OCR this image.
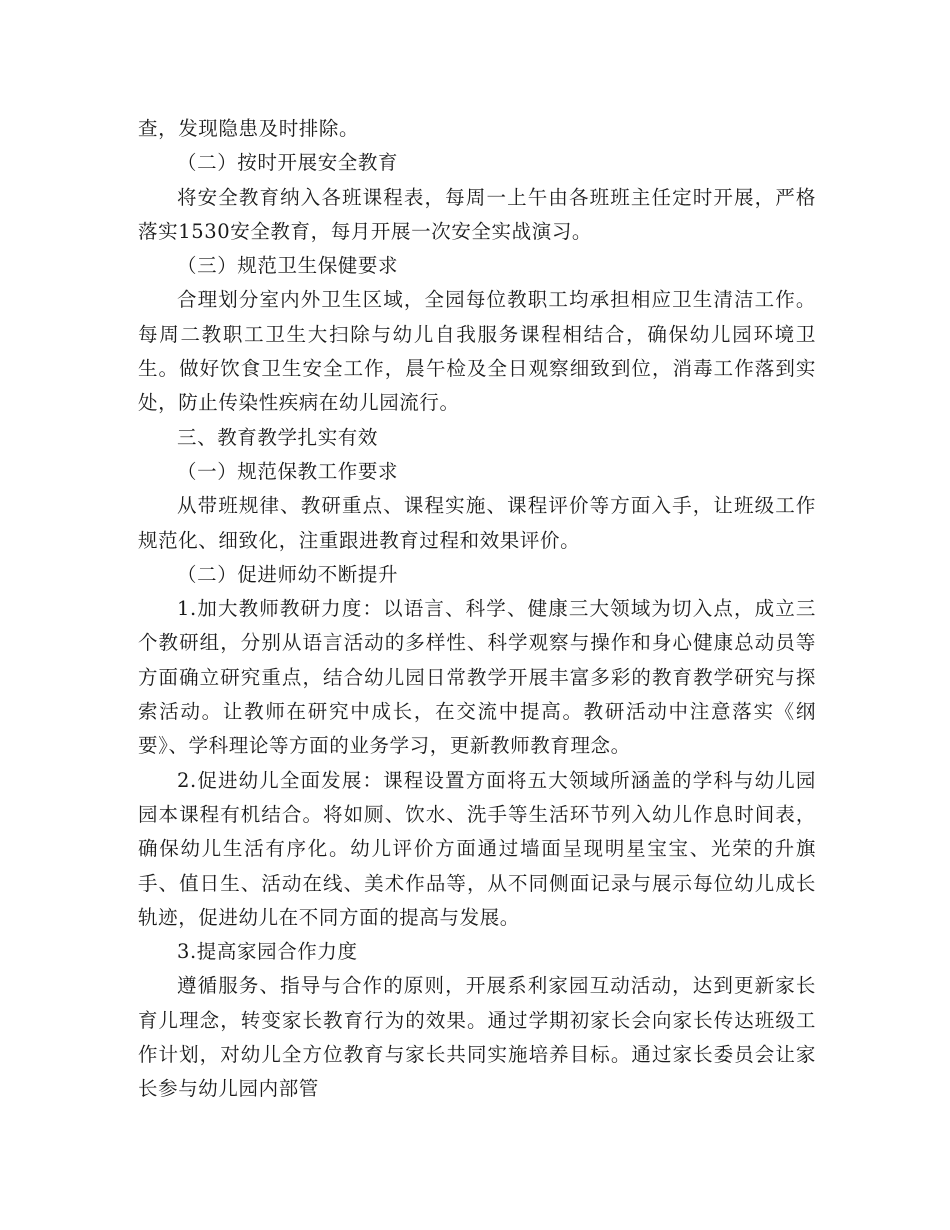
查，发现隐患及时排除。

（二）按时开展安全教育

将安全教育纳入各班课程表，每周一上午由各班班主任定时开展，严格落实1530安全教育，每月开展一次安全实战演习。

（三）规范卫生保健要求

合理划分室内外卫生区域，全园每位教职工均承担相应卫生清洁工作。每周二教职工卫生大扫除与幼儿自我服务课程相结合，确保幼儿园环境卫生。做好饮食卫生安全工作，晨午检及全日观察细致到位，消毒工作落到实处，防止传染性疾病在幼儿园流行。

三、教育教学扎实有效

（一）规范保教工作要求

从带班规律、教研重点、课程实施、课程评价等方面入手，让班级工作规范化、细致化，注重跟进教育过程和效果评价。

（二）促进师幼不断提升

1.加大教师教研力度：以语言、科学、健康三大领域为切入点，成立三个教研组，分别从语言活动的多样性、科学观察与操作和身心健康总动员等方面确立研究重点，结合幼儿园日常教学开展丰富多彩的教育教学研究与探索活动。让教师在研究中成长，在交流中提高。教研活动中注意落实《纲要》、学科理论等方面的业务学习，更新教师教育理念。

2.促进幼儿全面发展：课程设置方面将五大领域所涵盖的学科与幼儿园园本课程有机结合。将如厕、饮水、洗手等生活环节列入幼儿作息时间表，确保幼儿生活有序化。幼儿评价方面通过墙面呈现明星宝宝、光荣的升旗手、值日生、活动在线、美术作品等，从不同侧面记录与展示每位幼儿成长轨迹，促进幼儿在不同方面的提高与发展。

3.提高家园合作力度

遵循服务、指导与合作的原则，开展系利家园互动活动，达到更新家长育儿理念，转变家长教育行为的效果。通过学期初家长会向家长传达班级工作计划，对幼儿全方位教育与家长共同实施培养目标。通过家长委员会让家长参与幼儿园内部管
